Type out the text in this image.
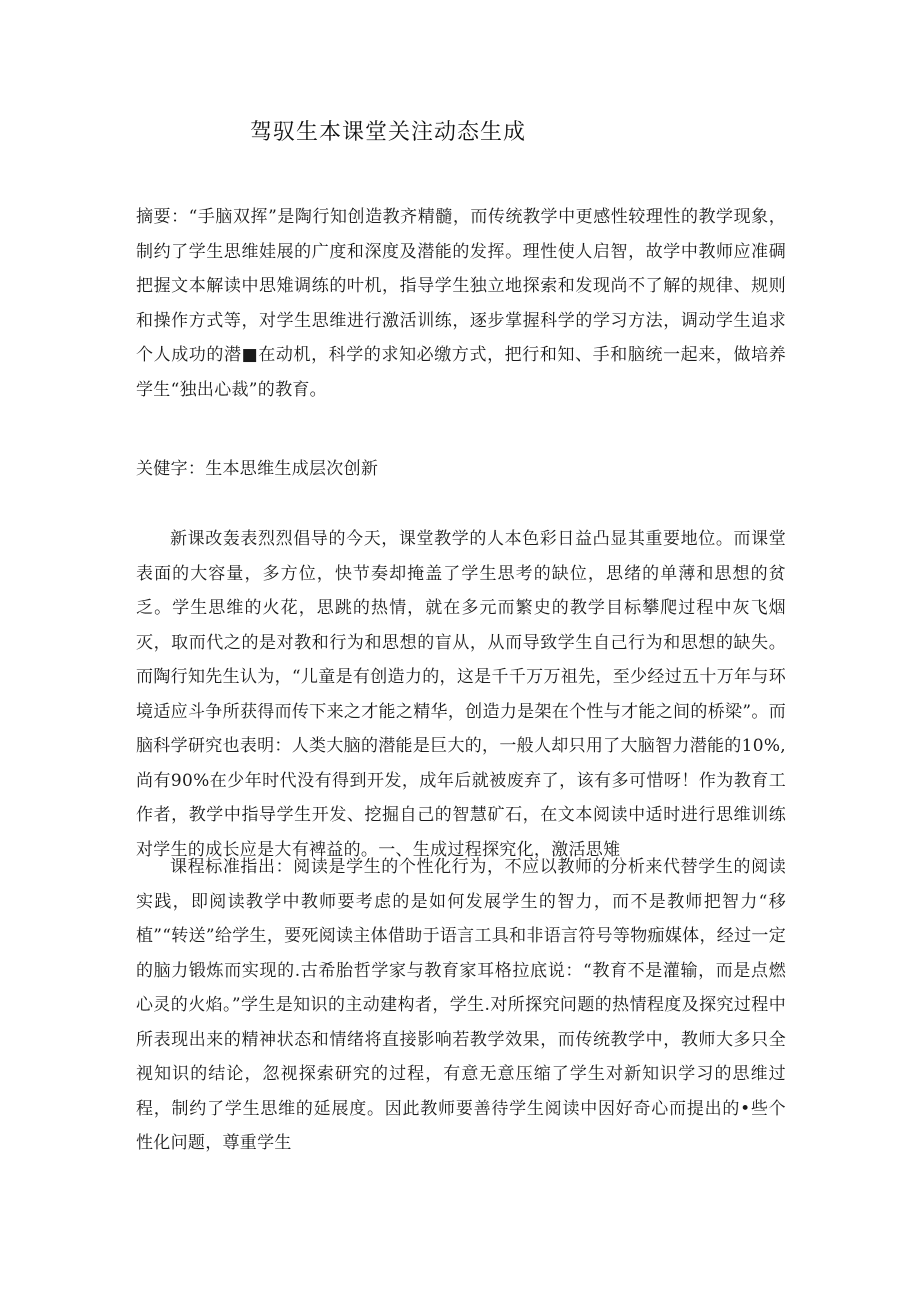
驾驭生本课堂关注动态生成
摘要：“手脑双挥”是陶行知创造教齐精髓，而传统教学中更感性较理性的教学现象，制约了学生思维娃展的广度和深度及潜能的发挥。理性使人启智，故学中教师应准碉把握文本解读中思雉调练的叶机，指导学生独立地探索和发现尚不了解的规律、规则和操作方式等，对学生思维进行激活训练，逐步掌握科学的学习方法，调动学生追求个人成功的潜■在动机，科学的求知必缴方式，把行和知、手和脑统一起来，做培养学生“独出心裁”的教育。
关健字：生本思维生成层次创新
新课改轰表烈烈倡导的今天，课堂教学的人本色彩日益凸显其重要地位。而课堂表面的大容量，多方位，快节奏却掩盖了学生思考的缺位，思绪的单薄和思想的贫乏。学生思维的火花，思跳的热情，就在多元而繁史的教学目标攀爬过程中灰飞烟灭，取而代之的是对教和行为和思想的盲从，从而导致学生自己行为和思想的缺失。而陶行知先生认为，“儿童是有创造力的，这是千千万万祖先，至少经过五十万年与环境适应斗争所获得而传下来之才能之精华，创造力是架在个性与才能之间的桥梁”。而脑科学研究也表明：人类大脑的潜能是巨大的，一般人却只用了大脑智力潜能的10%,尚有90%在少年时代没有得到开发，成年后就被废弃了，该有多可惜呀！作为教育工作者，教学中指导学生开发、挖掘自己的智慧矿石，在文本阅读中适时进行思维训练对学生的成长应是大有裨益的。一、生成过程探究化，激活思雉
课程标准指出：阅读是学生的个性化行为，不应以教师的分析来代替学生的阅读实践，即阅读教学中教师要考虑的是如何发展学生的智力，而不是教师把智力“移植”“转送”给学生，要死阅读主体借助于语言工具和非语言符号等物痂媒体，经过一定的脑力锻炼而实现的.古希胎哲学家与教育家耳格拉底说：“教育不是灌输，而是点燃心灵的火焰。”学生是知识的主动建构者，学生.对所探究问题的热情程度及探究过程中所表现出来的精神状态和情绪将直接影响若教学效果，而传统教学中，教师大多只全视知识的结论，忽视探索研究的过程，有意无意压缩了学生对新知识学习的思维过程，制约了学生思维的延展度。因此教师要善待学生阅读中因好奇心而提出的•些个性化问题，尊重学生
